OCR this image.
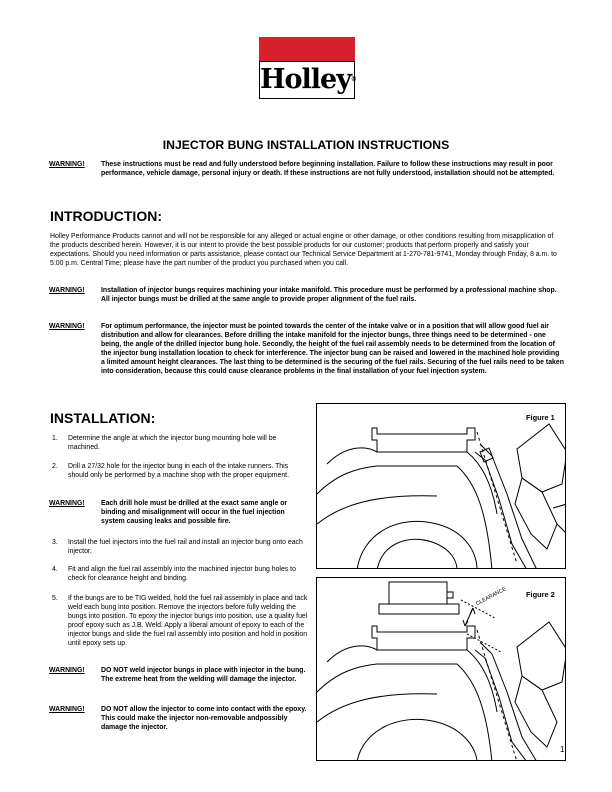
Holley®
INJECTOR BUNG INSTALLATION INSTRUCTIONS
WARNING! These instructions must be read and fully understood before beginning installation. Failure to follow these instructions may result in poor performance, vehicle damage, personal injury or death. If these instructions are not fully understood, installation should not be attempted.
INTRODUCTION:
Holley Performance Products cannot and will not be responsible for any alleged or actual engine or other damage, or other conditions resulting from misapplication of the products described herein. However, it is our intent to provide the best possible products for our customer; products that perform properly and satisfy your expectations. Should you need information or parts assistance, please contact our Technical Service Department at 1-270-781-9741, Monday through Friday, 8 a.m. to 5:00 p.m. Central Time; please have the part number of the product you purchased when you call.
WARNING! Installation of injector bungs requires machining your intake manifold. This procedure must be performed by a professional machine shop. All injector bungs must be drilled at the same angle to provide proper alignment of the fuel rails.
WARNING! For optimum performance, the injector must be pointed towards the center of the intake valve or in a position that will allow good fuel air distribution and allow for clearances. Before drilling the intake manifold for the injector bungs, three things need to be determined - one being, the angle of the drilled injector bung hole. Secondly, the height of the fuel rail assembly needs to be determined from the location of the injector bung installation location to check for interference. The injector bung can be raised and lowered in the machined hole providing a limited amount height clearances. The last thing to be determined is the securing of the fuel rails. Securing of the fuel rails need to be taken into consideration, because this could cause clearance problems in the final installation of your fuel injection system.
INSTALLATION:
1. Determine the angle at which the injector bung mounting hole will be machined.
2. Drill a 27/32 hole for the injector bung in each of the intake runners. This should only be performed by a machine shop with the proper equipment.
WARNING! Each drill hole must be drilled at the exact same angle or binding and misalignment will occur in the fuel injection system causing leaks and possible fire.
3. Install the fuel injectors into the fuel rail and install an injector bung onto each injector.
4. Fit and align the fuel rail assembly into the machined injector bung holes to check for clearance height and binding.
5. If the bungs are to be TIG welded, hold the fuel rail assembly in place and tack weld each bung into position. Remove the injectors before fully welding the bungs into position. To epoxy the injector bungs into position, use a quality fuel proof epoxy such as J.B. Weld. Apply a liberal amount of epoxy to each of the injector bungs and slide the fuel rail assembly into position and hold in position until epoxy sets up.
WARNING! DO NOT weld injector bungs in place with injector in the bung. The extreme heat from the welding will damage the injector.
WARNING! DO NOT allow the injector to come into contact with the epoxy. This could make the injector non-removable andpossibly damage the injector.
Figure 1
Figure 2
CLEARANCE
1
